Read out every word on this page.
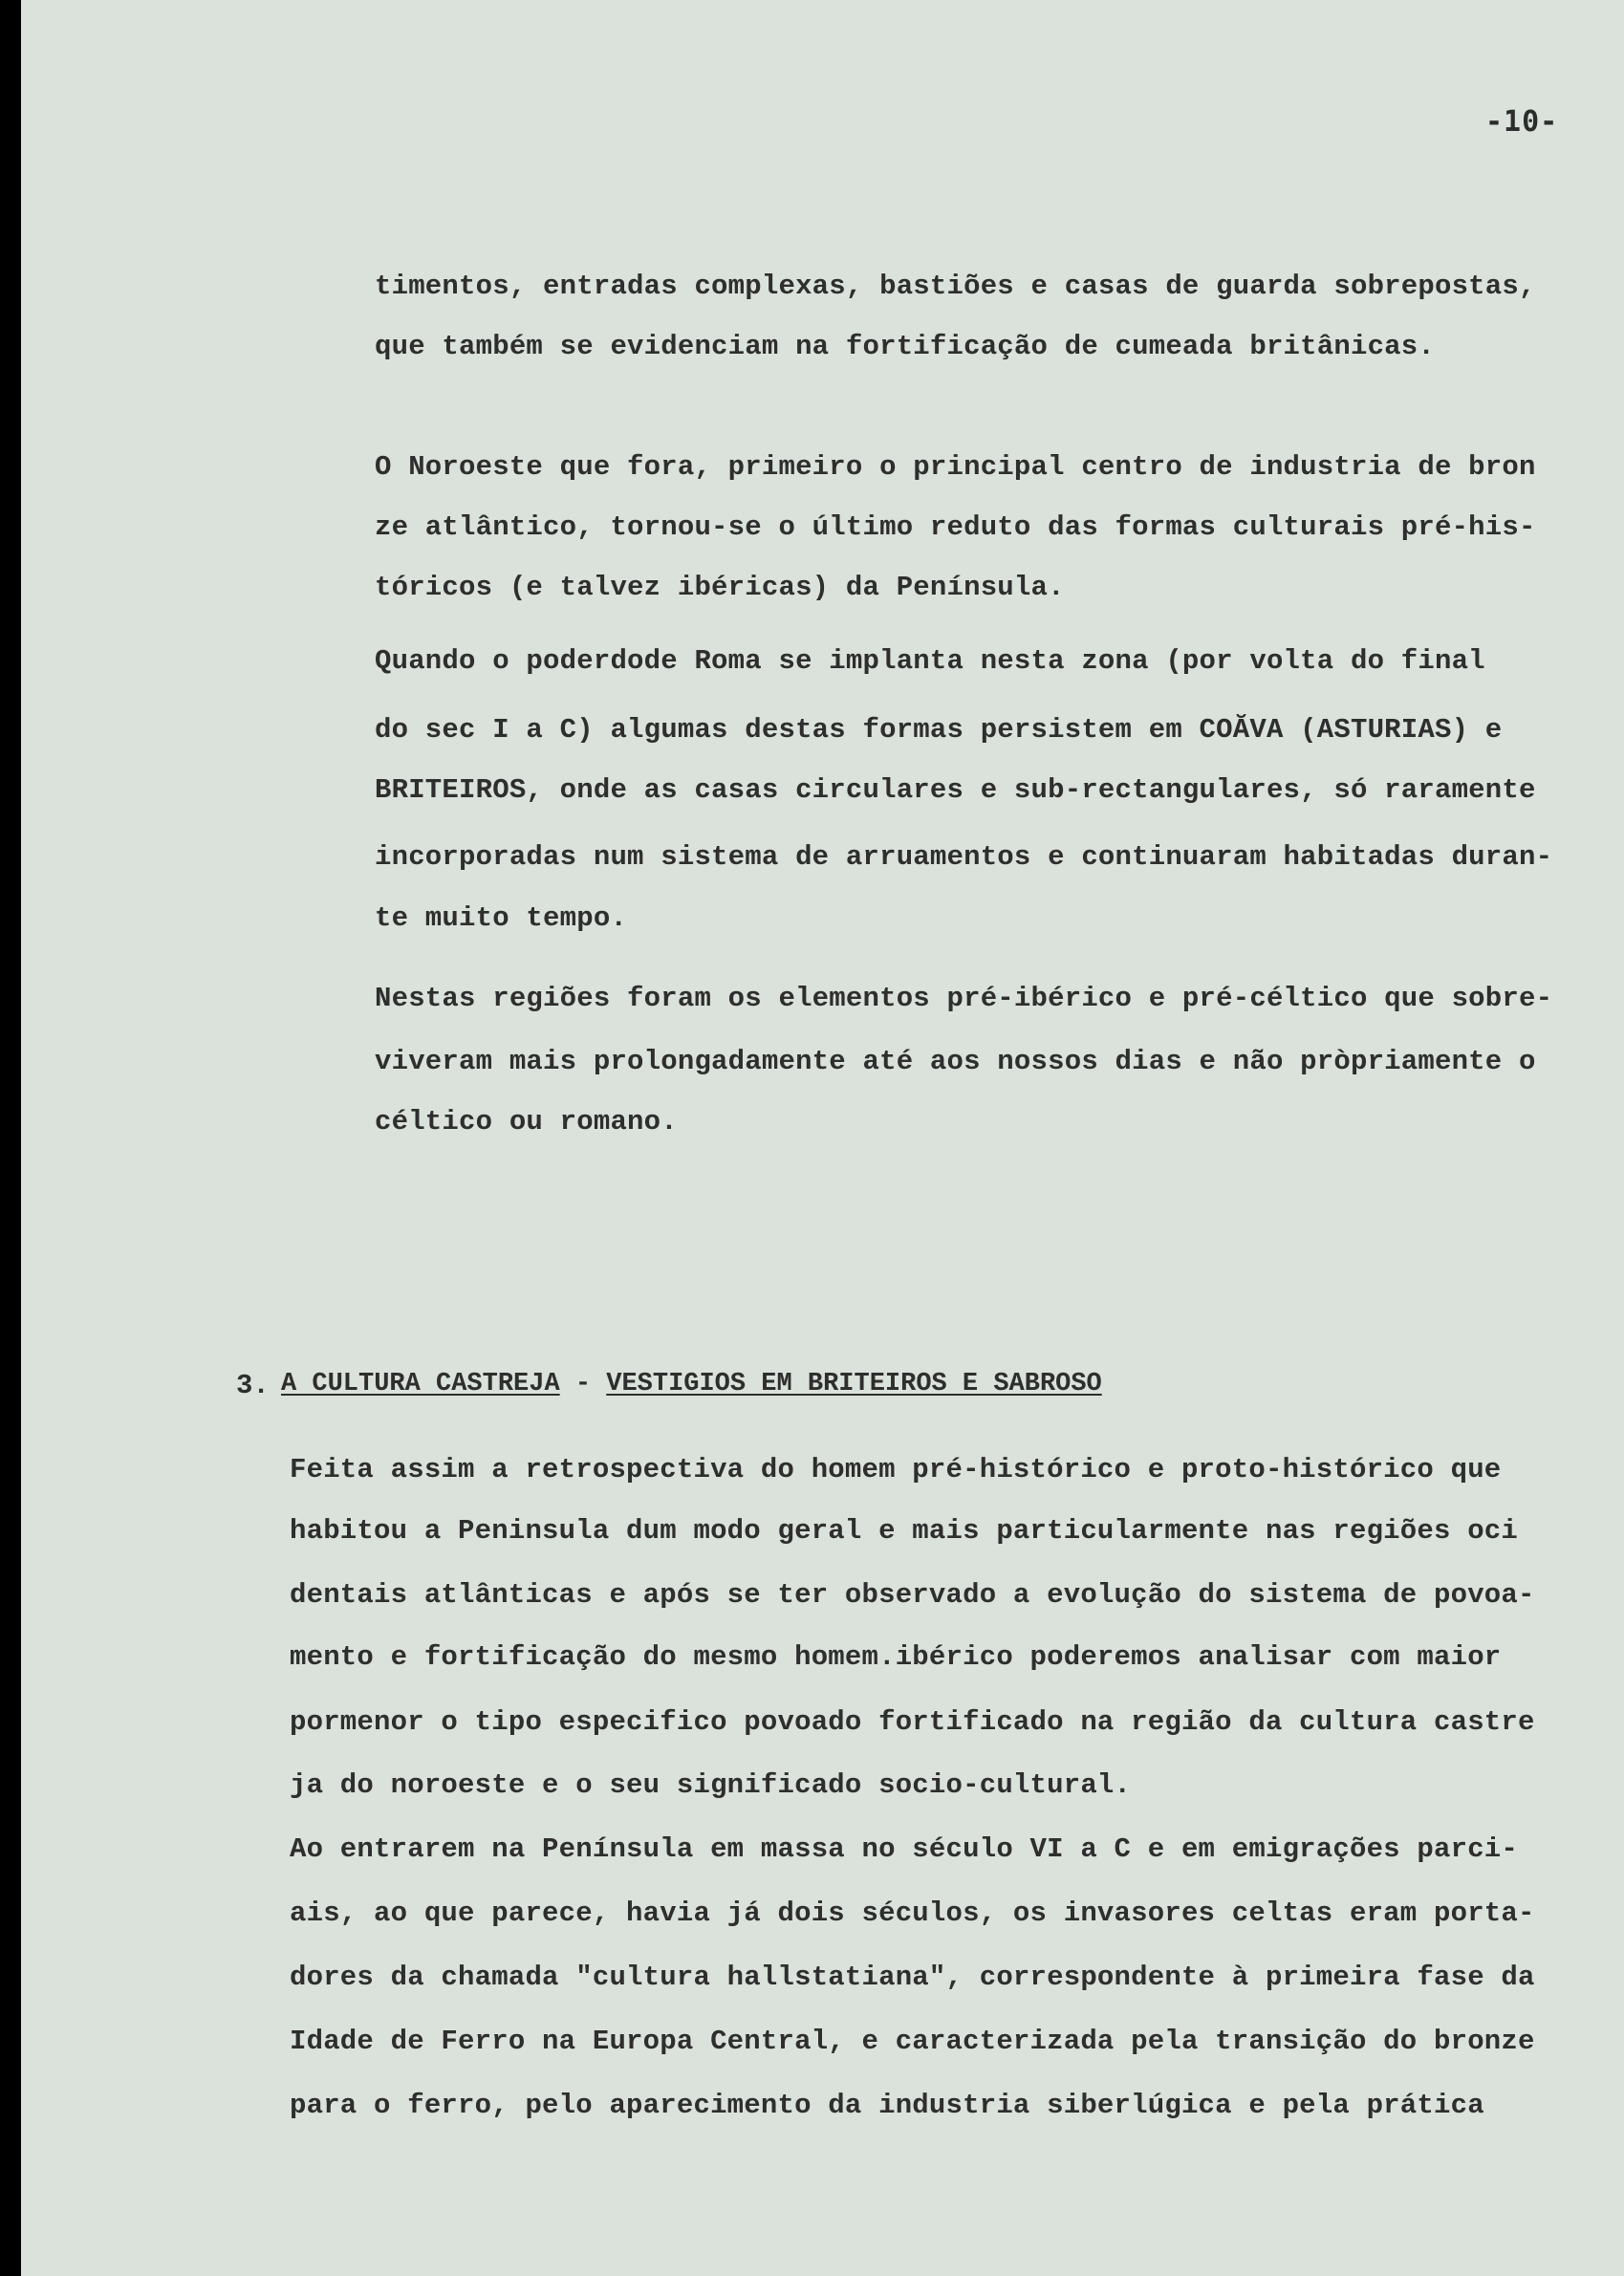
-10-
timentos, entradas complexas, bastiões e casas de guarda sobrepostas,
que também se evidenciam na fortificação de cumeada britânicas.
O Noroeste que fora, primeiro o principal centro de industria de bron
ze atlântico, tornou-se o último reduto das formas culturais pré-his-
tóricos (e talvez ibéricas) da Península.
Quando o poderdode Roma se implanta nesta zona (por volta do final
do sec I a C) algumas destas formas persistem em COĂVA (ASTURIAS) e
BRITEIROS, onde as casas circulares e sub-rectangulares, só raramente
incorporadas num sistema de arruamentos e continuaram habitadas duran-
te muito tempo.
Nestas regiões foram os elementos pré-ibérico e pré-céltico que sobre-
viveram mais prolongadamente até aos nossos dias e não pròpriamente o
céltico ou romano.
3. A CULTURA CASTREJA - VESTIGIOS EM BRITEIROS E SABROSO
Feita assim a retrospectiva do homem pré-histórico e proto-histórico que
habitou a Peninsula dum modo geral e mais particularmente nas regiões oci
dentais atlânticas e após se ter observado a evolução do sistema de povoa-
mento e fortificação do mesmo homem.ibérico poderemos analisar com maior
pormenor o tipo especifico povoado fortificado na região da cultura castre
ja do noroeste e o seu significado socio-cultural.
Ao entrarem na Península em massa no século VI a C e em emigrações parci-
ais, ao que parece, havia já dois séculos, os invasores celtas eram porta-
dores da chamada "cultura hallstatiana", correspondente à primeira fase da
Idade de Ferro na Europa Central, e caracterizada pela transição do bronze
para o ferro, pelo aparecimento da industria siberlúgica e pela prática
